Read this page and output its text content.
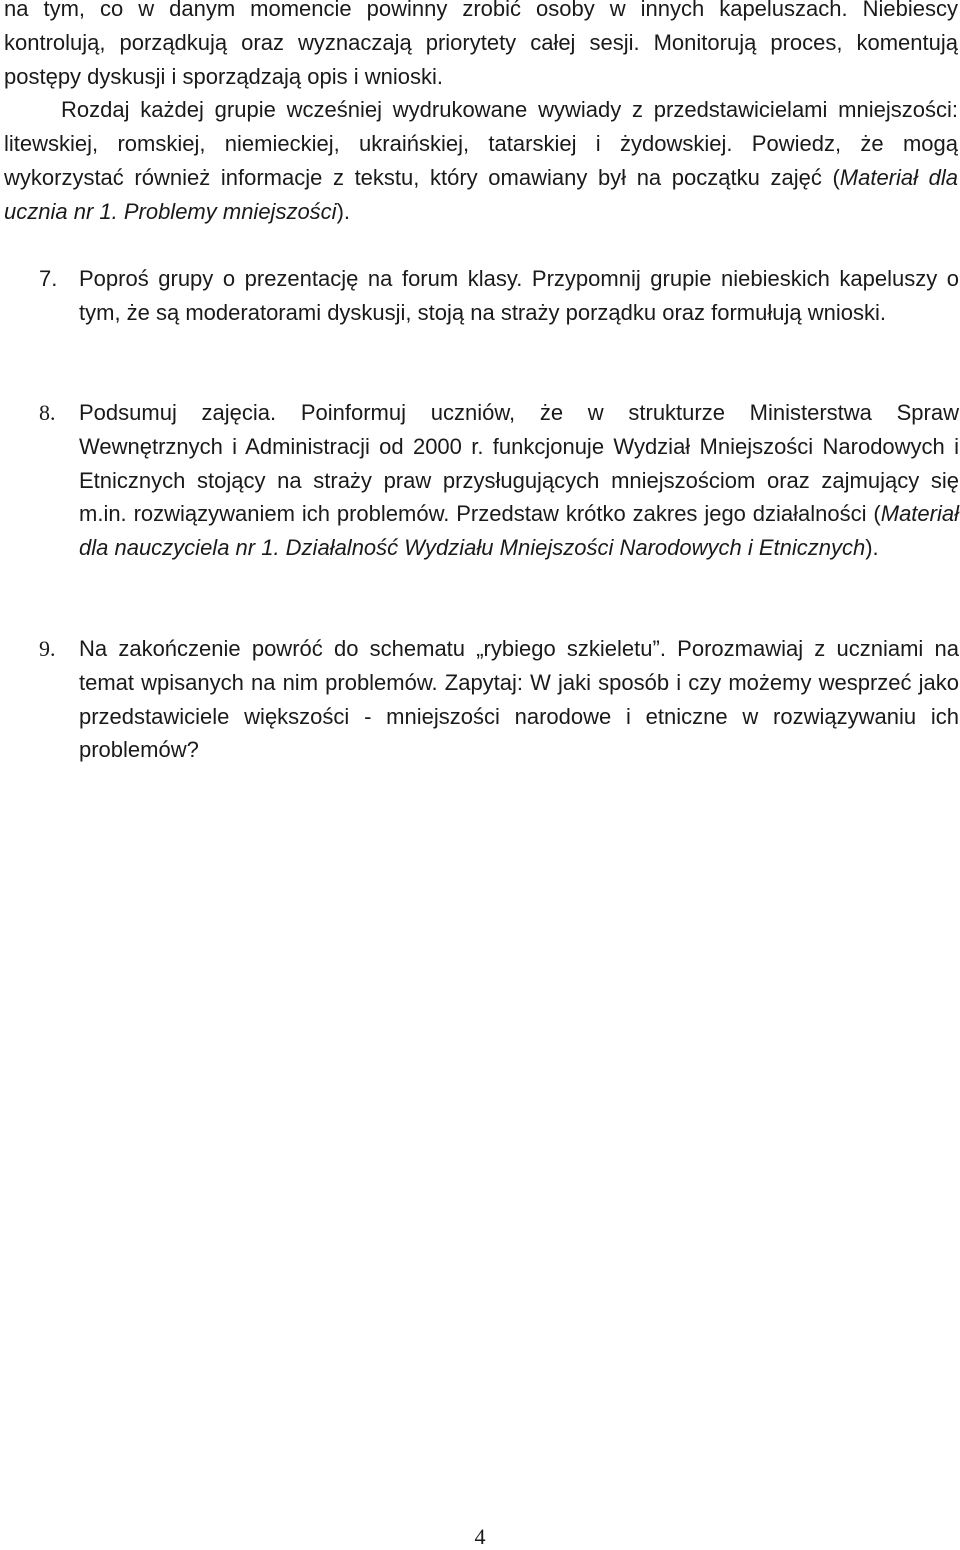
na tym, co w danym momencie powinny zrobić osoby w innych kapeluszach. Niebiescy kontrolują, porządkują oraz wyznaczają priorytety całej sesji. Monitorują proces, komentują postępy dyskusji i sporządzają opis i wnioski.
Rozdaj każdej grupie wcześniej wydrukowane wywiady z przedstawicielami mniejszości: litewskiej, romskiej, niemieckiej, ukraińskiej, tatarskiej i żydowskiej. Powiedz, że mogą wykorzystać również informacje z tekstu, który omawiany był na początku zajęć (Materiał dla ucznia nr 1. Problemy mniejszości).
7. Poproś grupy o prezentację na forum klasy. Przypomnij grupie niebieskich kapeluszy o tym, że są moderatorami dyskusji, stoją na straży porządku oraz formułują wnioski.
8. Podsumuj zajęcia. Poinformuj uczniów, że w strukturze Ministerstwa Spraw Wewnętrznych i Administracji od 2000 r. funkcjonuje Wydział Mniejszości Narodowych i Etnicznych stojący na straży praw przysługujących mniejszościom oraz zajmujący się m.in. rozwiązywaniem ich problemów. Przedstaw krótko zakres jego działalności (Materiał dla nauczyciela nr 1. Działalność Wydziału Mniejszości Narodowych i Etnicznych).
9. Na zakończenie powróć do schematu „rybiego szkieletu”. Porozmawiaj z uczniami na temat wpisanych na nim problemów. Zapytaj: W jaki sposób i czy możemy wesprzeć jako przedstawiciele większości - mniejszości narodowe i etniczne w rozwiązywaniu ich problemów?
4
